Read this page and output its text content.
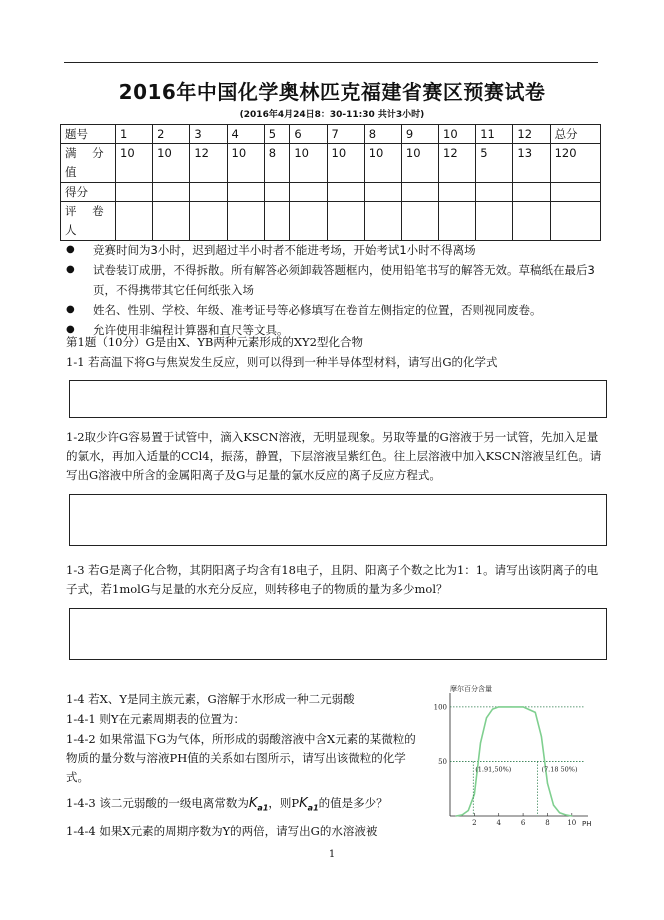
2016年中国化学奥林匹克福建省赛区预赛试卷
(2016年4月24日8：30-11:30 共计3小时)
题号	1	2	3	4	5	6	7	8	9	10	11	12	总分
满 分值	10	10	12	10	8	10	10	10	10	12	5	13	120
得分													
评 卷人													
● 竞赛时间为3小时，迟到超过半小时者不能进考场，开始考试1小时不得离场
● 试卷装订成册，不得拆散。所有解答必须卸载答题框内，使用铅笔书写的解答无效。草稿纸在最后3页，不得携带其它任何纸张入场
● 姓名、性别、学校、年级、准考证号等必修填写在卷首左侧指定的位置，否则视同废卷。
● 允许使用非编程计算器和直尺等文具。
第1题（10分）G是由X、YB两种元素形成的XY2型化合物
1-1 若高温下将G与焦炭发生反应，则可以得到一种半导体型材料，请写出G的化学式
1-2取少许G容易置于试管中，滴入KSCN溶液，无明显现象。另取等量的G溶液于另一试管，先加入足量的氯水，再加入适量的CCl4，振荡，静置，下层溶液呈紫红色。往上层溶液中加入KSCN溶液呈红色。请写出G溶液中所含的金属阳离子及G与足量的氯水反应的离子反应方程式。
1-3 若G是离子化合物，其阴阳离子均含有18电子，且阴、阳离子个数之比为1：1。请写出该阴离子的电子式，若1molG与足量的水充分反应，则转移电子的物质的量为多少mol？
1-4 若X、Y是同主族元素，G溶解于水形成一种二元弱酸
1-4-1 则Y在元素周期表的位置为：
1-4-2 如果常温下G为气体，所形成的弱酸溶液中含X元素的某微粒的物质的量分数与溶液PH值的关系如右图所示，请写出该微粒的化学式。
1-4-3 该二元弱酸的一级电离常数为$K_{a1}$，则$PK_{a1}$的值是多少？
1-4-4 如果X元素的周期序数为Y的两倍，请写出G的水溶液被
摩尔百分含量
PH
2	4	6	8	10
100
50
(1.91,50%)	(7.18 50%)
1
